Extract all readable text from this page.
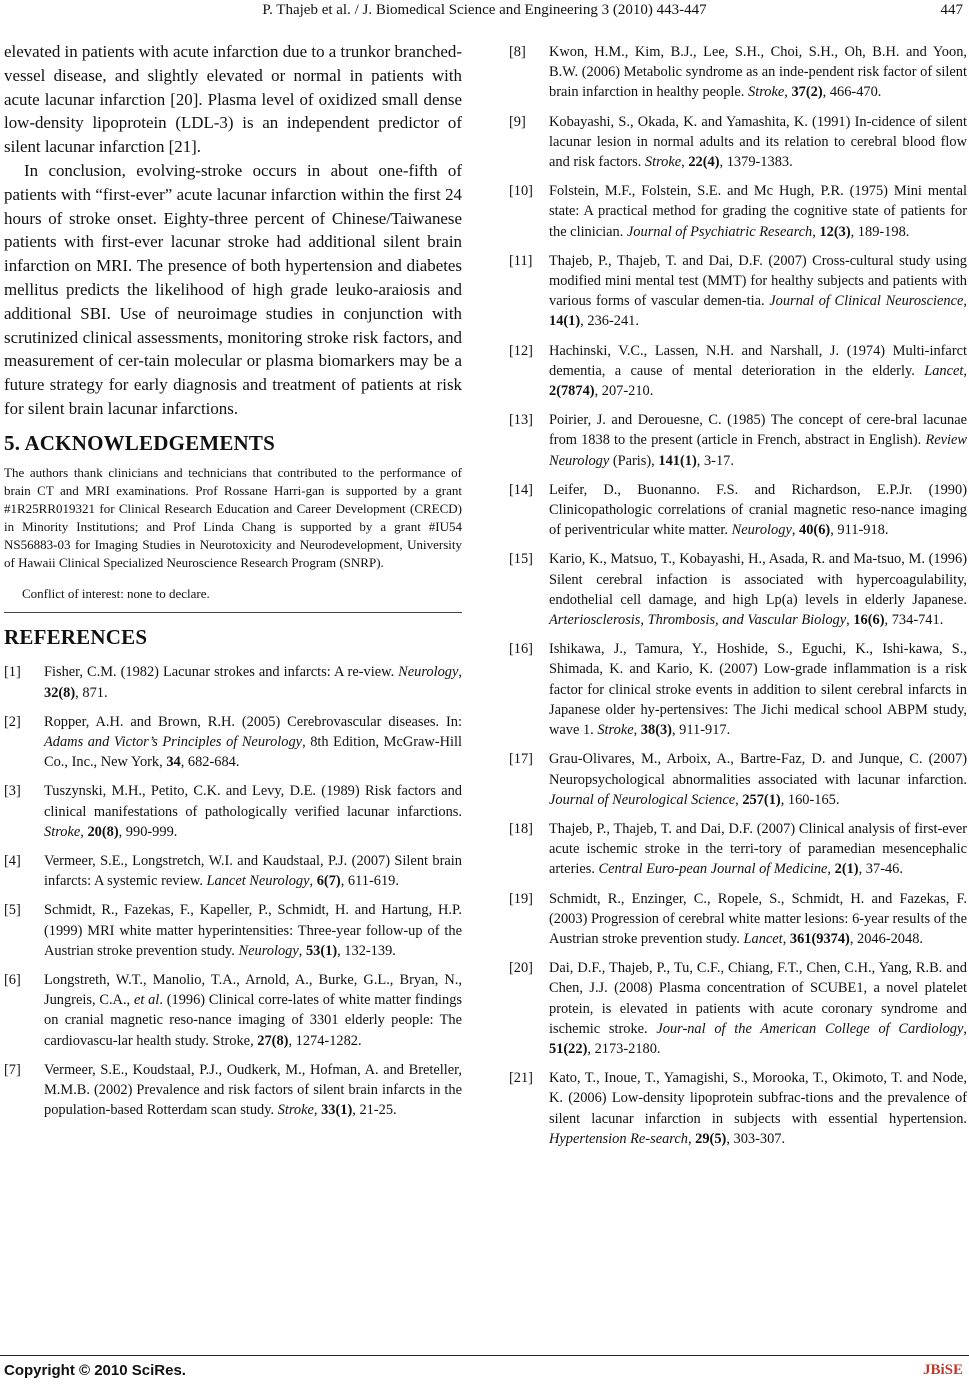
P. Thajeb et al. / J. Biomedical Science and Engineering 3 (2010) 443-447	447

elevated in patients with acute infarction due to a trunkor branched-vessel disease, and slightly elevated or normal in patients with acute lacunar infarction [20]. Plasma level of oxidized small dense low-density lipoprotein (LDL-3) is an independent predictor of silent lacunar infarction [21].

In conclusion, evolving-stroke occurs in about one-fifth of patients with “first-ever” acute lacunar infarction within the first 24 hours of stroke onset. Eighty-three percent of Chinese/Taiwanese patients with first-ever lacunar stroke had additional silent brain infarction on MRI. The presence of both hypertension and diabetes mellitus predicts the likelihood of high grade leuko-araiosis and additional SBI. Use of neuroimage studies in conjunction with scrutinized clinical assessments, monitoring stroke risk factors, and measurement of cer-tain molecular or plasma biomarkers may be a future strategy for early diagnosis and treatment of patients at risk for silent brain lacunar infarctions.

5. ACKNOWLEDGEMENTS

The authors thank clinicians and technicians that contributed to the performance of brain CT and MRI examinations. Prof Rossane Harri-gan is supported by a grant #1R25RR019321 for Clinical Research Education and Career Development (CRECD) in Minority Institutions; and Prof Linda Chang is supported by a grant #IU54 NS56883-03 for Imaging Studies in Neurotoxicity and Neurodevelopment, University of Hawaii Clinical Specialized Neuroscience Research Program (SNRP).

Conflict of interest: none to declare.

REFERENCES
[1] Fisher, C.M. (1982) Lacunar strokes and infarcts: A re-view. Neurology, 32(8), 871.
[2] Ropper, A.H. and Brown, R.H. (2005) Cerebrovascular diseases. In: Adams and Victor’s Principles of Neurology, 8th Edition, McGraw-Hill Co., Inc., New York, 34, 682-684.
[3] Tuszynski, M.H., Petito, C.K. and Levy, D.E. (1989) Risk factors and clinical manifestations of pathologically verified lacunar infarctions. Stroke, 20(8), 990-999.
[4] Vermeer, S.E., Longstretch, W.I. and Kaudstaal, P.J. (2007) Silent brain infarcts: A systemic review. Lancet Neurology, 6(7), 611-619.
[5] Schmidt, R., Fazekas, F., Kapeller, P., Schmidt, H. and Hartung, H.P. (1999) MRI white matter hyperintensities: Three-year follow-up of the Austrian stroke prevention study. Neurology, 53(1), 132-139.
[6] Longstreth, W.T., Manolio, T.A., Arnold, A., Burke, G.L., Bryan, N., Jungreis, C.A., et al. (1996) Clinical corre-lates of white matter findings on cranial magnetic reso-nance imaging of 3301 elderly people: The cardiovascu-lar health study. Stroke, 27(8), 1274-1282.
[7] Vermeer, S.E., Koudstaal, P.J., Oudkerk, M., Hofman, A. and Breteller, M.M.B. (2002) Prevalence and risk factors of silent brain infarcts in the population-based Rotterdam scan study. Stroke, 33(1), 21-25.
[8] Kwon, H.M., Kim, B.J., Lee, S.H., Choi, S.H., Oh, B.H. and Yoon, B.W. (2006) Metabolic syndrome as an inde-pendent risk factor of silent brain infarction in healthy people. Stroke, 37(2), 466-470.
[9] Kobayashi, S., Okada, K. and Yamashita, K. (1991) In-cidence of silent lacunar lesion in normal adults and its relation to cerebral blood flow and risk factors. Stroke, 22(4), 1379-1383.
[10] Folstein, M.F., Folstein, S.E. and Mc Hugh, P.R. (1975) Mini mental state: A practical method for grading the cognitive state of patients for the clinician. Journal of Psychiatric Research, 12(3), 189-198.
[11] Thajeb, P., Thajeb, T. and Dai, D.F. (2007) Cross-cultural study using modified mini mental test (MMT) for healthy subjects and patients with various forms of vascular demen-tia. Journal of Clinical Neuroscience, 14(1), 236-241.
[12] Hachinski, V.C., Lassen, N.H. and Narshall, J. (1974) Multi-infarct dementia, a cause of mental deterioration in the elderly. Lancet, 2(7874), 207-210.
[13] Poirier, J. and Derouesne, C. (1985) The concept of cere-bral lacunae from 1838 to the present (article in French, abstract in English). Review Neurology (Paris), 141(1), 3-17.
[14] Leifer, D., Buonanno. F.S. and Richardson, E.P.Jr. (1990) Clinicopathologic correlations of cranial magnetic reso-nance imaging of periventricular white matter. Neurology, 40(6), 911-918.
[15] Kario, K., Matsuo, T., Kobayashi, H., Asada, R. and Ma-tsuo, M. (1996) Silent cerebral infaction is associated with hypercoagulability, endothelial cell damage, and high Lp(a) levels in elderly Japanese. Arteriosclerosis, Thrombosis, and Vascular Biology, 16(6), 734-741.
[16] Ishikawa, J., Tamura, Y., Hoshide, S., Eguchi, K., Ishi-kawa, S., Shimada, K. and Kario, K. (2007) Low-grade inflammation is a risk factor for clinical stroke events in addition to silent cerebral infarcts in Japanese older hy-pertensives: The Jichi medical school ABPM study, wave 1. Stroke, 38(3), 911-917.
[17] Grau-Olivares, M., Arboix, A., Bartre-Faz, D. and Junque, C. (2007) Neuropsychological abnormalities associated with lacunar infarction. Journal of Neurological Science, 257(1), 160-165.
[18] Thajeb, P., Thajeb, T. and Dai, D.F. (2007) Clinical analysis of first-ever acute ischemic stroke in the terri-tory of paramedian mesencephalic arteries. Central Euro-pean Journal of Medicine, 2(1), 37-46.
[19] Schmidt, R., Enzinger, C., Ropele, S., Schmidt, H. and Fazekas, F. (2003) Progression of cerebral white matter lesions: 6-year results of the Austrian stroke prevention study. Lancet, 361(9374), 2046-2048.
[20] Dai, D.F., Thajeb, P., Tu, C.F., Chiang, F.T., Chen, C.H., Yang, R.B. and Chen, J.J. (2008) Plasma concentration of SCUBE1, a novel platelet protein, is elevated in patients with acute coronary syndrome and ischemic stroke. Jour-nal of the American College of Cardiology, 51(22), 2173-2180.
[21] Kato, T., Inoue, T., Yamagishi, S., Morooka, T., Okimoto, T. and Node, K. (2006) Low-density lipoprotein subfrac-tions and the prevalence of silent lacunar infarction in subjects with essential hypertension. Hypertension Re-search, 29(5), 303-307.
Copyright © 2010 SciRes.	JBiSE
